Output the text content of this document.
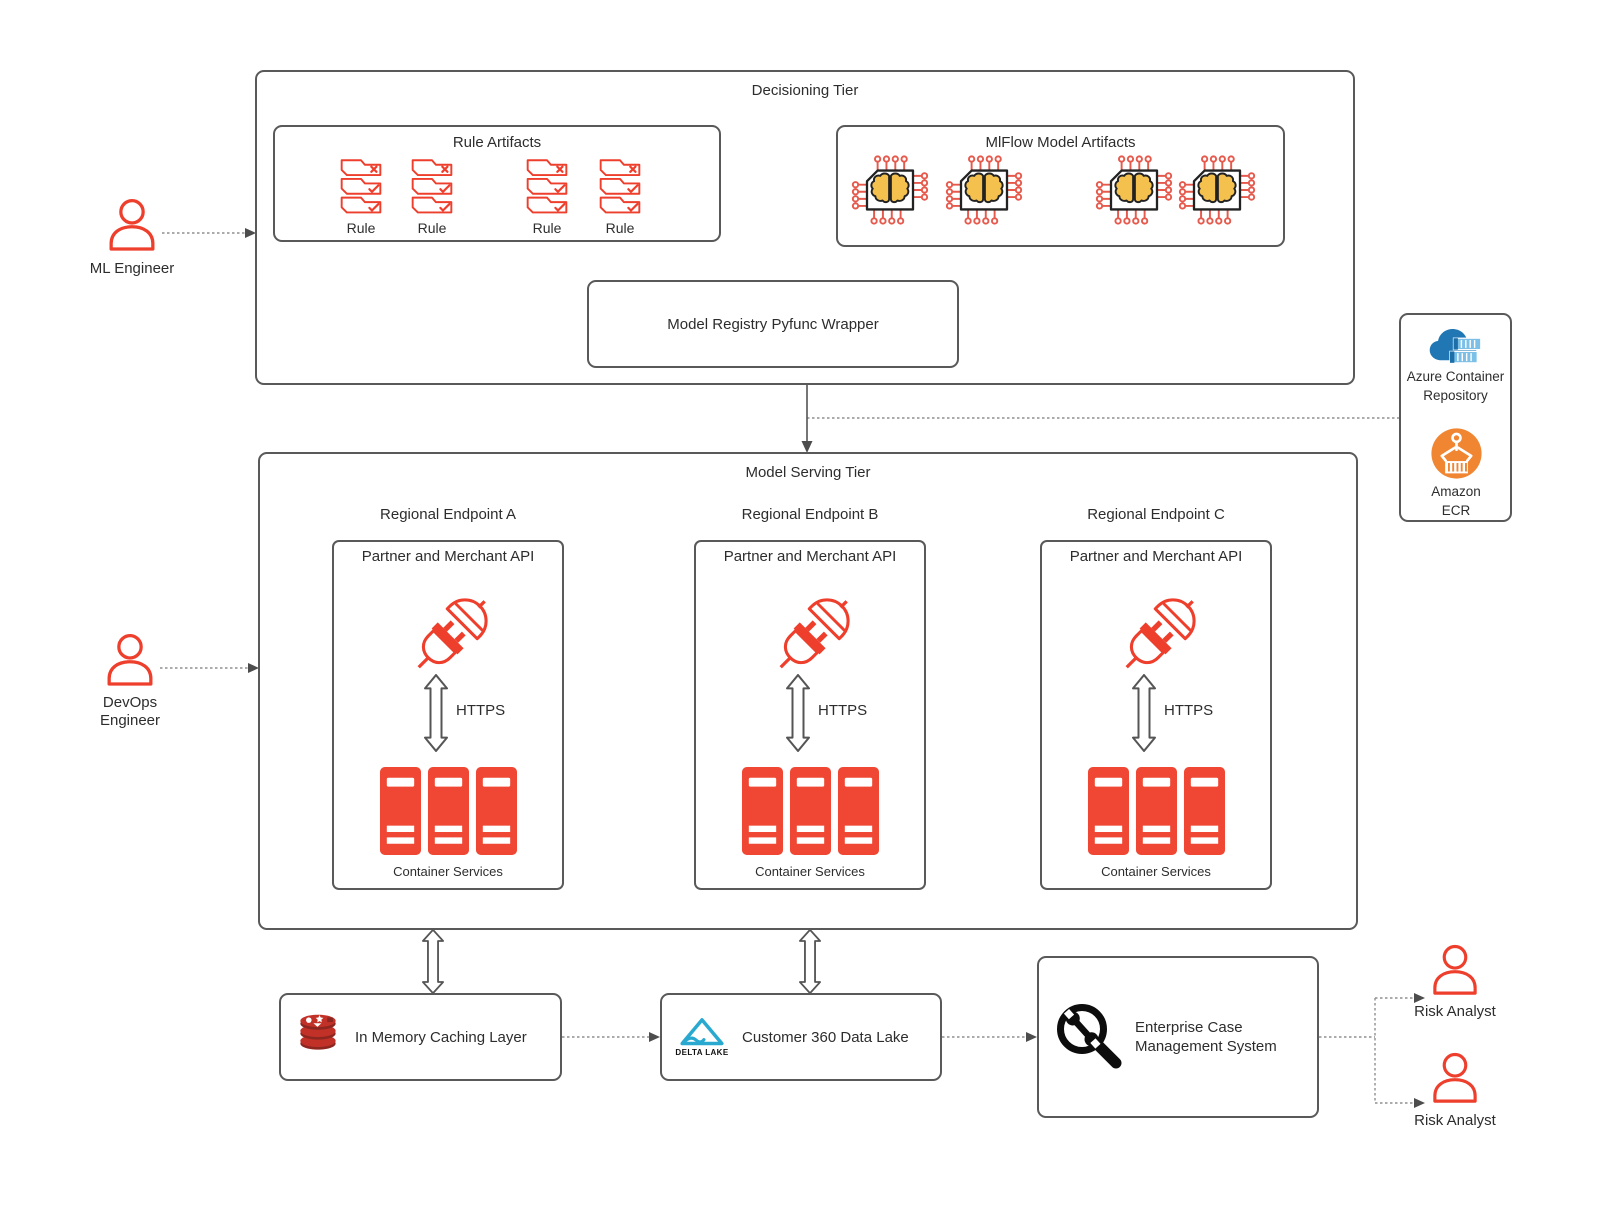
ML Engineer
DevOps Engineer
Decisioning Tier
Rule Artifacts
Rule	Rule	Rule	Rule
MlFlow Model Artifacts
Model Registry Pyfunc Wrapper
Azure Container Repository
Amazon ECR
Model Serving Tier
Regional Endpoint A	Regional Endpoint B	Regional Endpoint C
Partner and Merchant API
HTTPS
Container Services
Partner and Merchant API
HTTPS
Container Services
Partner and Merchant API
HTTPS
Container Services
In Memory Caching Layer
DELTA LAKE
Customer 360 Data Lake
Enterprise Case Management System
Risk Analyst
Risk Analyst
